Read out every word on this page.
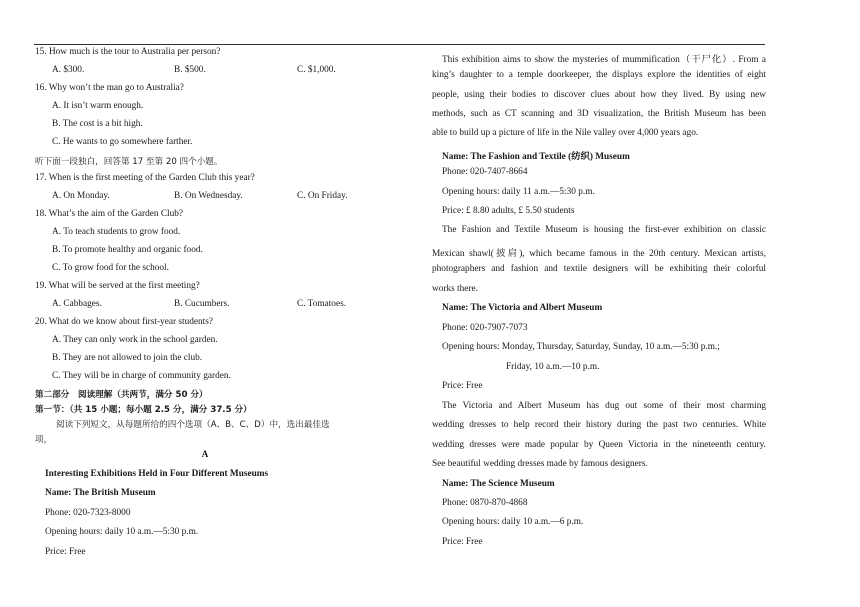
15. How much is the tour to Australia per person?
A. $300.	B. $500.	C. $1,000.
16. Why won’t the man go to Australia?
A. It isn’t warm enough.
B. The cost is a bit high.
C. He wants to go somewhere farther.
听下面一段独白，回答第 17 至第 20 四个小题。
17. When is the first meeting of the Garden Club this year?
A. On Monday.	B. On Wednesday.	C. On Friday.
18. What’s the aim of the Garden Club?
A. To teach students to grow food.
B. To promote healthy and organic food.
C. To grow food for the school.
19. What will be served at the first meeting?
A. Cabbages.	B. Cucumbers.	C. Tomatoes.
20. What do we know about first-year students?
A. They can only work in the school garden.
B. They are not allowed to join the club.
C. They will be in charge of community garden.
第二部分　阅读理解（共两节，满分 50 分）
第一节：（共 15 小题；每小题 2.5 分，满分 37.5 分）
阅读下列短文，从每题所给的四个选项（A、B、C、D）中，选出最佳选
项，
A
Interesting Exhibitions Held in Four Different Museums
Name: The British Museum
Phone: 020-7323-8000
Opening hours: daily 10 a.m.—5:30 p.m.
Price: Free
This exhibition aims to show the mysteries of mummification（干尸化）. From a
king’s daughter to a temple doorkeeper, the displays explore the identities of eight
people, using their bodies to discover clues about how they lived. By using new
methods, such as CT scanning and 3D visualization, the British Museum has been
able to build up a picture of life in the Nile valley over 4,000 years ago.
Name: The Fashion and Textile (纺织) Museum
Phone: 020-7407-8664
Opening hours: daily 11 a.m.—5:30 p.m.
Price: £ 8.80 adults, £ 5.50 students
The Fashion and Textile Museum is housing the first-ever exhibition on classic
Mexican shawl(披肩), which became famous in the 20th century. Mexican artists,
photographers and fashion and textile designers will be exhibiting their colorful
works there.
Name: The Victoria and Albert Museum
Phone: 020-7907-7073
Opening hours: Monday, Thursday, Saturday, Sunday, 10 a.m.—5:30 p.m.;
Friday, 10 a.m.—10 p.m.
Price: Free
The Victoria and Albert Museum has dug out some of their most charming
wedding dresses to help record their history during the past two centuries. White
wedding dresses were made popular by Queen Victoria in the nineteenth century.
See beautiful wedding dresses made by famous designers.
Name: The Science Museum
Phone: 0870-870-4868
Opening hours: daily 10 a.m.—6 p.m.
Price: Free
